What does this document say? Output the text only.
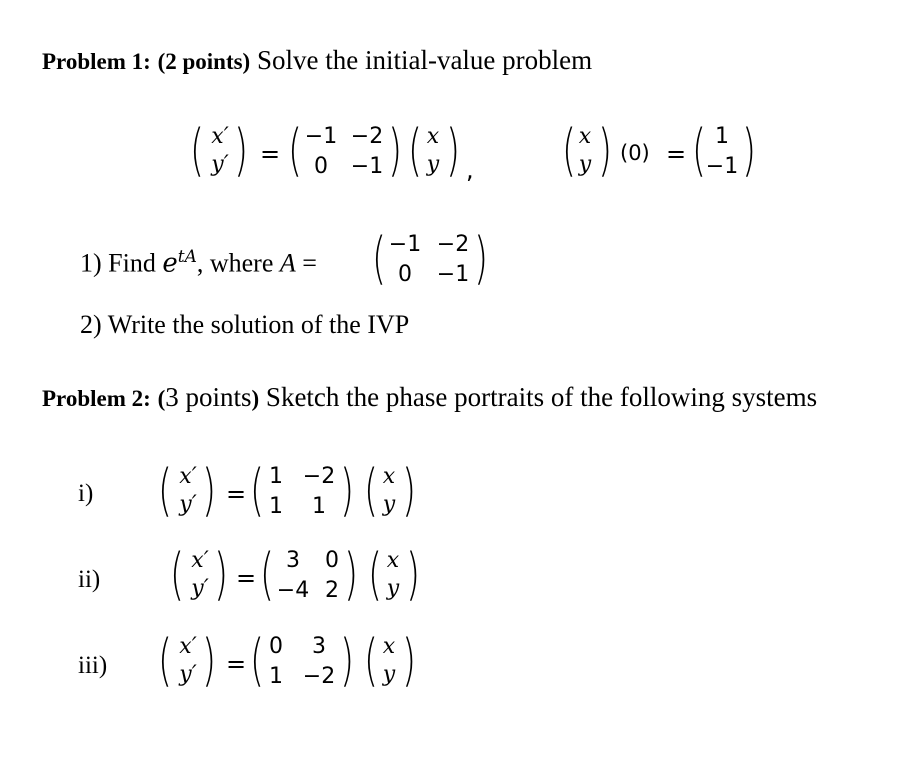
Problem 1: (2 points) Solve the initial-value problem
( x′
y′ ) = ( −1 −2
0	−1 ) ( x
y ) , ( x
y ) (0) = ( 1
−1 )
1) Find $e^{tA}$, where A = ( −1 −2
0	−1 )
2) Write the solution of the IVP
Problem 2: (3 points) Sketch the phase portraits of the following systems
i) ( x′
y′ ) = ( 1 −2
1	1 ) ( x
y )
ii) ( x′
y′ ) = ( 3	0
−4 2 ) ( x
y )
iii) ( x′
y′ ) = ( 0	3
1 −2 ) ( x
y )
